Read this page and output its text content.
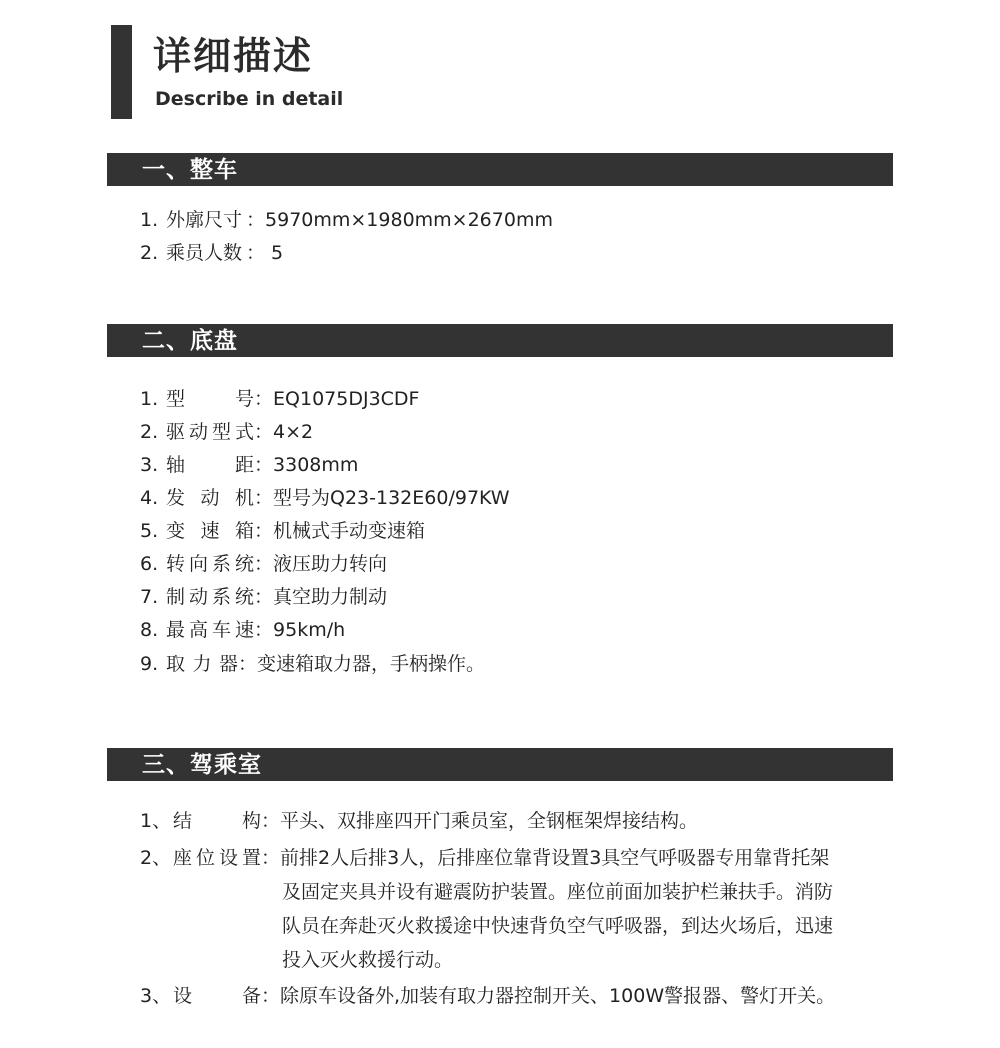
详细描述
Describe in detail
一、整车
1. 外廓尺寸 ：5970mm×1980mm×2670mm
2. 乘员人数 ： 5
二、底盘
1. 型号：EQ1075DJ3CDF
2. 驱动型式：4×2
3. 轴距：3308mm
4. 发动机：型号为Q23-132E60/97KW
5. 变速箱：机械式手动变速箱
6. 转向系统：液压助力转向
7. 制动系统：真空助力制动
8. 最高车速：95km/h
9. 取力器：变速箱取力器，手柄操作。
三、驾乘室
1、 结构：平头、双排座四开门乘员室，全钢框架焊接结构。
2、 座位设置：前排2人后排3人，后排座位靠背设置3具空气呼吸器专用靠背托架
及固定夹具并设有避震防护装置。座位前面加装护栏兼扶手。消防
队员在奔赴灭火救援途中快速背负空气呼吸器，到达火场后，迅速
投入灭火救援行动。
3、 设备：除原车设备外,加装有取力器控制开关、100W警报器、警灯开关。
